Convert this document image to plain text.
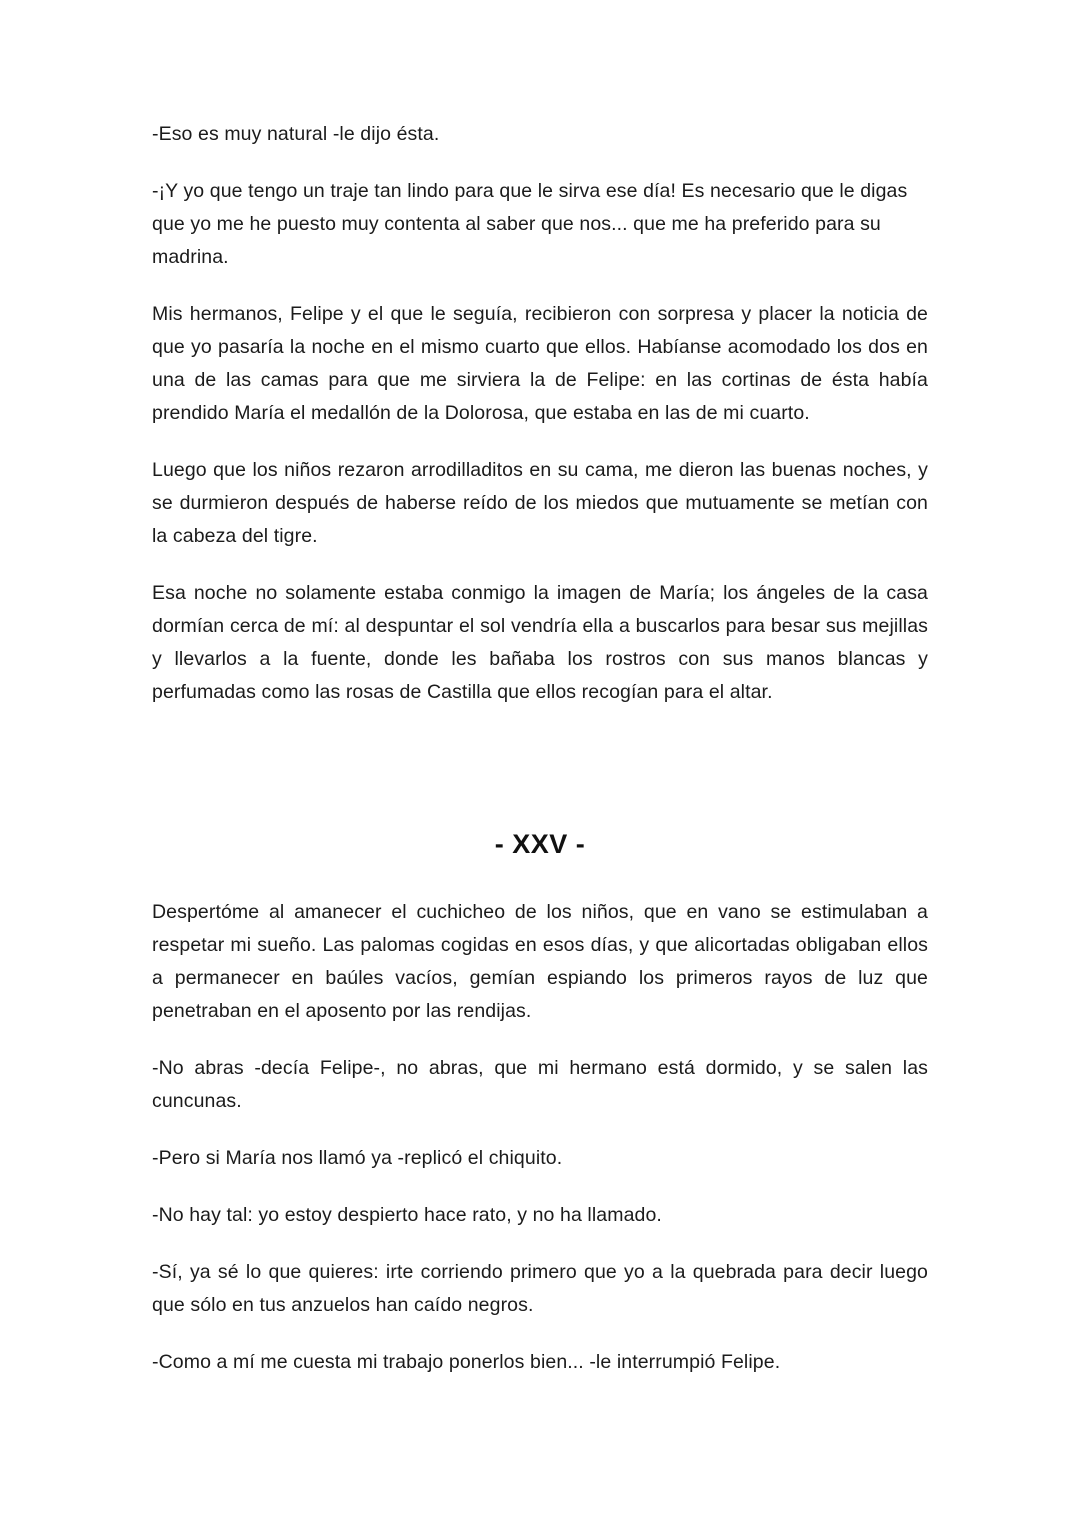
-Eso es muy natural -le dijo ésta.

-¡Y yo que tengo un traje tan lindo para que le sirva ese día! Es necesario que le digas que yo me he puesto muy contenta al saber que nos... que me ha preferido para su madrina.

Mis hermanos, Felipe y el que le seguía, recibieron con sorpresa y placer la noticia de que yo pasaría la noche en el mismo cuarto que ellos. Habíanse acomodado los dos en una de las camas para que me sirviera la de Felipe: en las cortinas de ésta había prendido María el medallón de la Dolorosa, que estaba en las de mi cuarto.

Luego que los niños rezaron arrodilladitos en su cama, me dieron las buenas noches, y se durmieron después de haberse reído de los miedos que mutuamente se metían con la cabeza del tigre.

Esa noche no solamente estaba conmigo la imagen de María; los ángeles de la casa dormían cerca de mí: al despuntar el sol vendría ella a buscarlos para besar sus mejillas y llevarlos a la fuente, donde les bañaba los rostros con sus manos blancas y perfumadas como las rosas de Castilla que ellos recogían para el altar.

- XXV -

Despertóme al amanecer el cuchicheo de los niños, que en vano se estimulaban a respetar mi sueño. Las palomas cogidas en esos días, y que alicortadas obligaban ellos a permanecer en baúles vacíos, gemían espiando los primeros rayos de luz que penetraban en el aposento por las rendijas.

-No abras -decía Felipe-, no abras, que mi hermano está dormido, y se salen las cuncunas.

-Pero si María nos llamó ya -replicó el chiquito.

-No hay tal: yo estoy despierto hace rato, y no ha llamado.

-Sí, ya sé lo que quieres: irte corriendo primero que yo a la quebrada para decir luego que sólo en tus anzuelos han caído negros.

-Como a mí me cuesta mi trabajo ponerlos bien... -le interrumpió Felipe.
